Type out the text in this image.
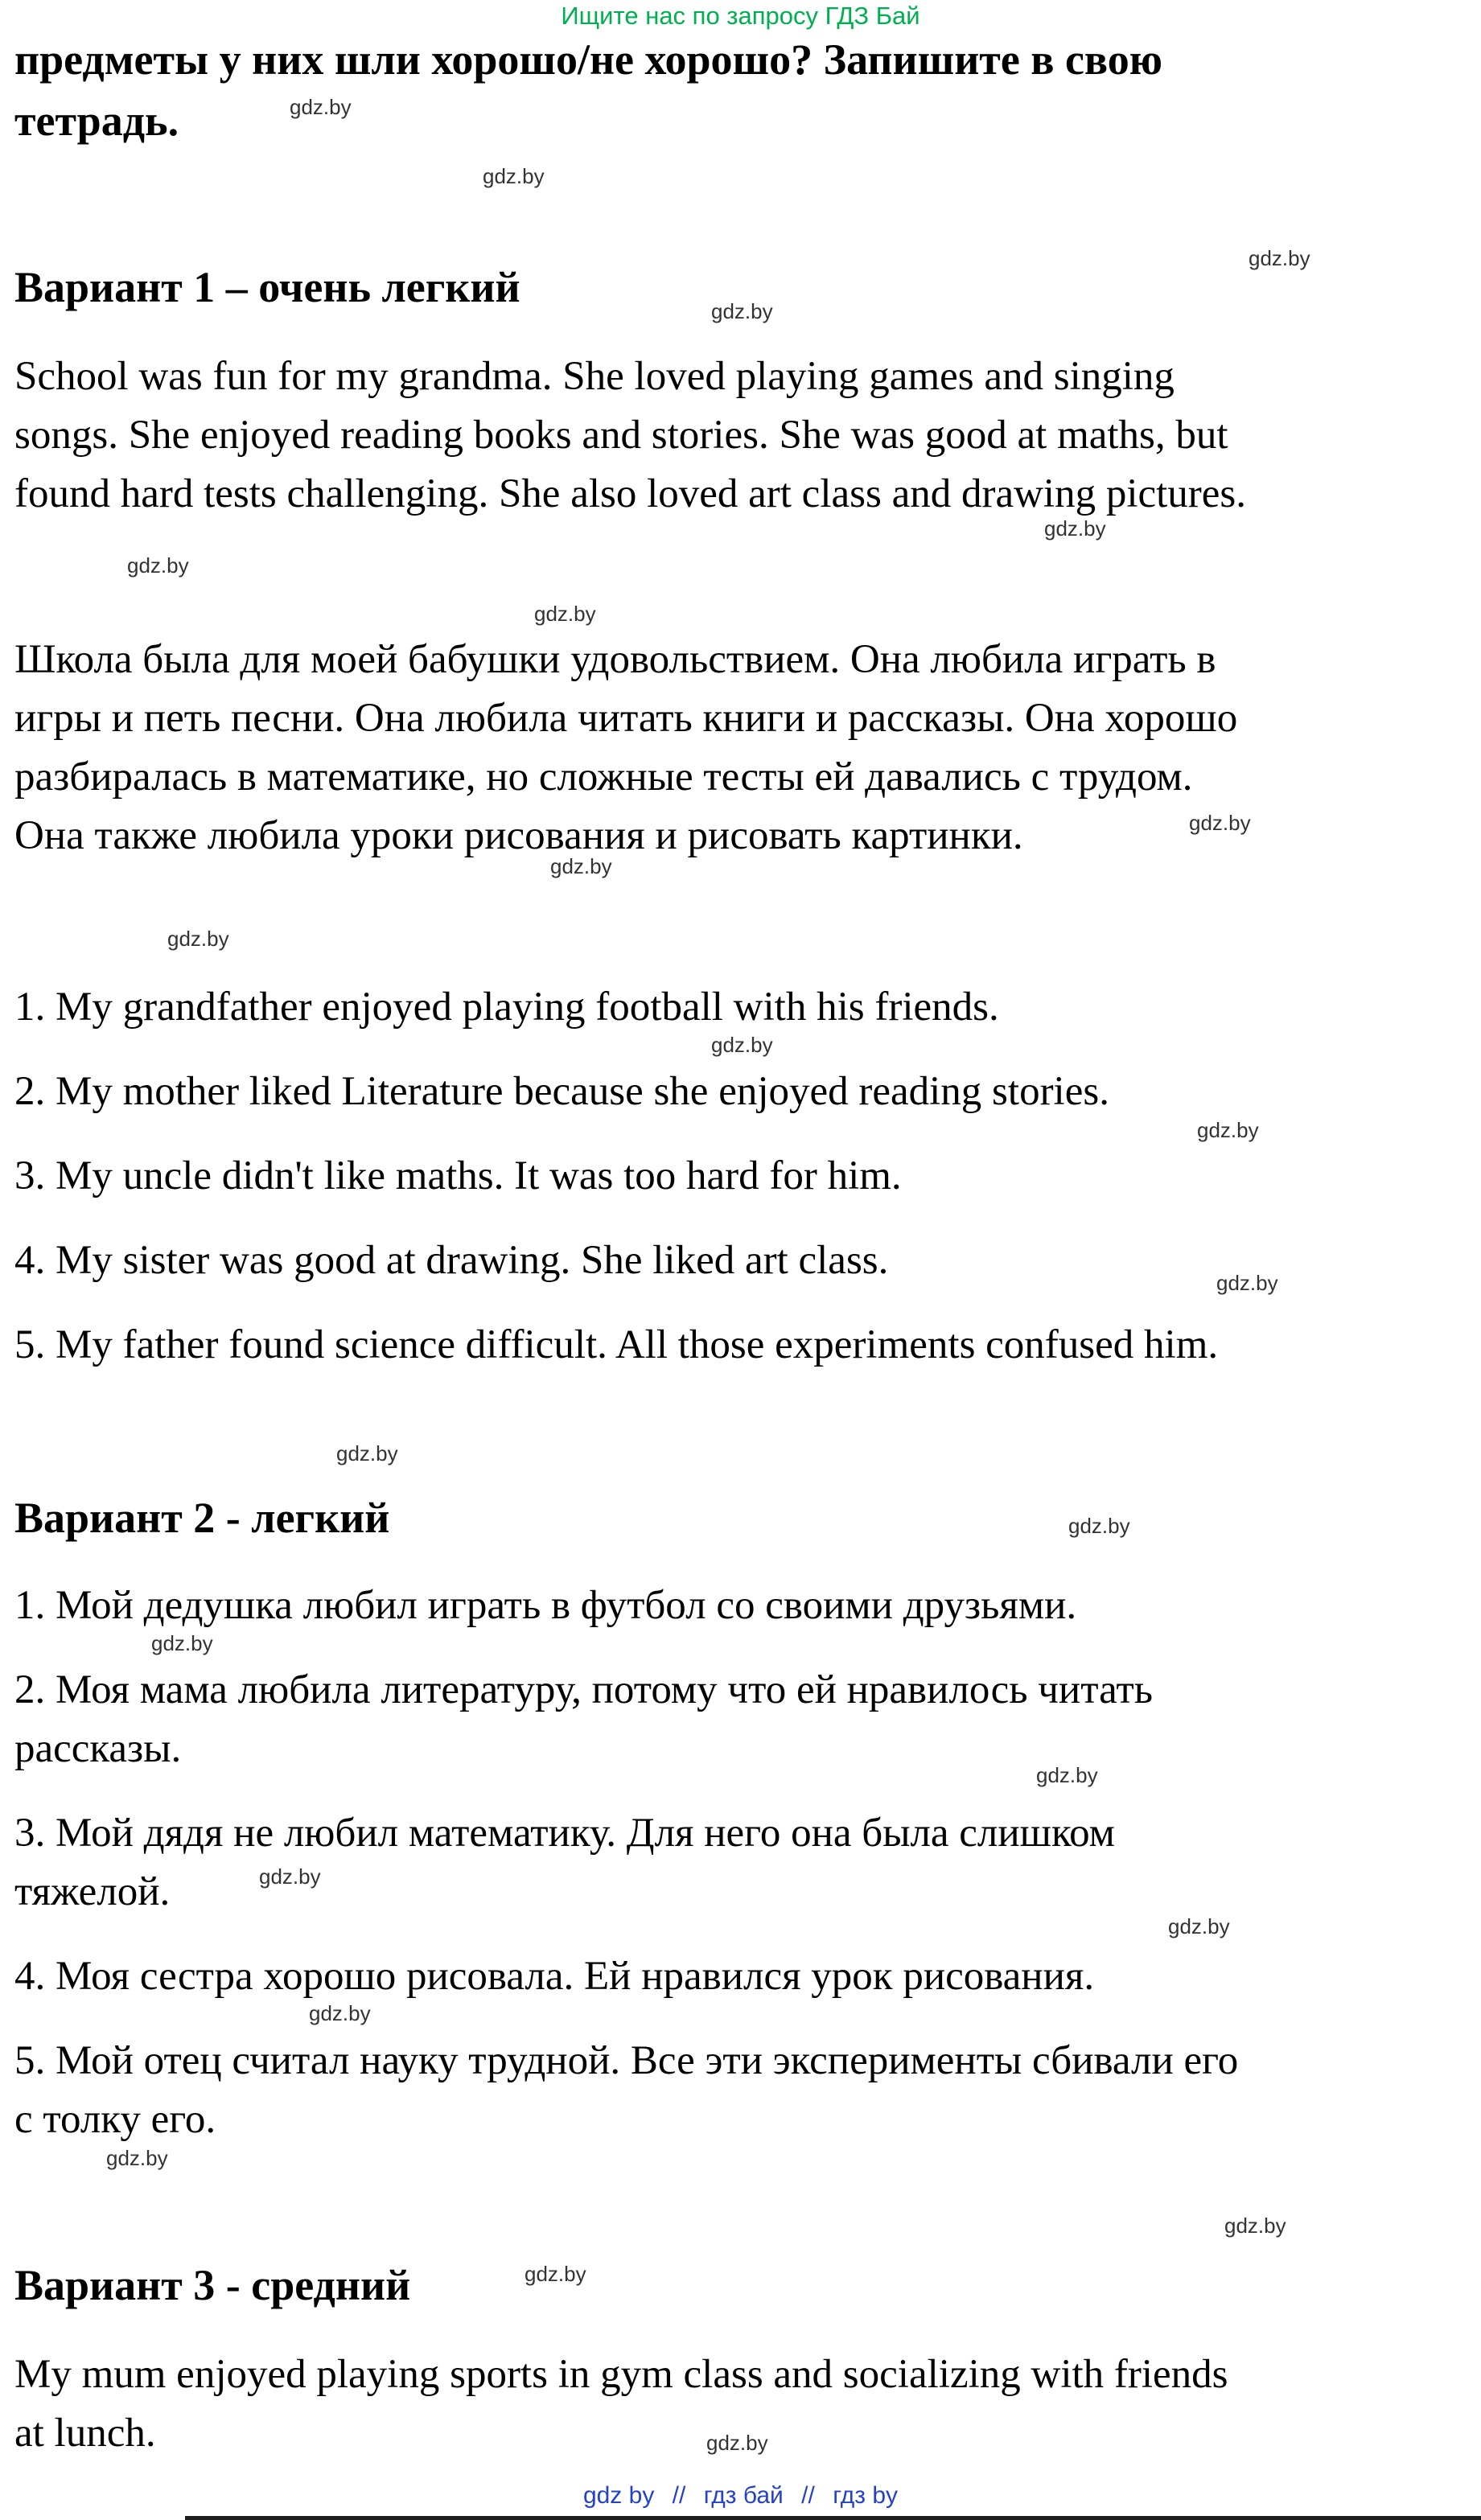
Ищите нас по запросу ГДЗ Бай
предметы у них шли хорошо/не хорошо? Запишите в свою
тетрадь.
Вариант 1 – очень легкий
School was fun for my grandma. She loved playing games and singing
songs. She enjoyed reading books and stories. She was good at maths, but
found hard tests challenging. She also loved art class and drawing pictures.
Школа была для моей бабушки удовольствием. Она любила играть в
игры и петь песни. Она любила читать книги и рассказы. Она хорошо
разбиралась в математике, но сложные тесты ей давались с трудом.
Она также любила уроки рисования и рисовать картинки.
1. My grandfather enjoyed playing football with his friends.
2. My mother liked Literature because she enjoyed reading stories.
3. My uncle didn't like maths. It was too hard for him.
4. My sister was good at drawing. She liked art class.
5. My father found science difficult. All those experiments confused him.
Вариант 2 - легкий
1. Мой дедушка любил играть в футбол со своими друзьями.
2. Моя мама любила литературу, потому что ей нравилось читать
рассказы.
3. Мой дядя не любил математику. Для него она была слишком
тяжелой.
4. Моя сестра хорошо рисовала. Ей нравился урок рисования.
5. Мой отец считал науку трудной. Все эти эксперименты сбивали его
с толку его.
Вариант 3 - средний
My mum enjoyed playing sports in gym class and socializing with friends
at lunch.
gdz.by
gdz.by
gdz.by
gdz.by
gdz.by
gdz.by
gdz.by
gdz.by
gdz.by
gdz.by
gdz.by
gdz.by
gdz.by
gdz.by
gdz.by
gdz.by
gdz.by
gdz.by
gdz.by
gdz.by
gdz.by
gdz.by
gdz.by
gdz.by
gdz by // гдз бай // гдз by
